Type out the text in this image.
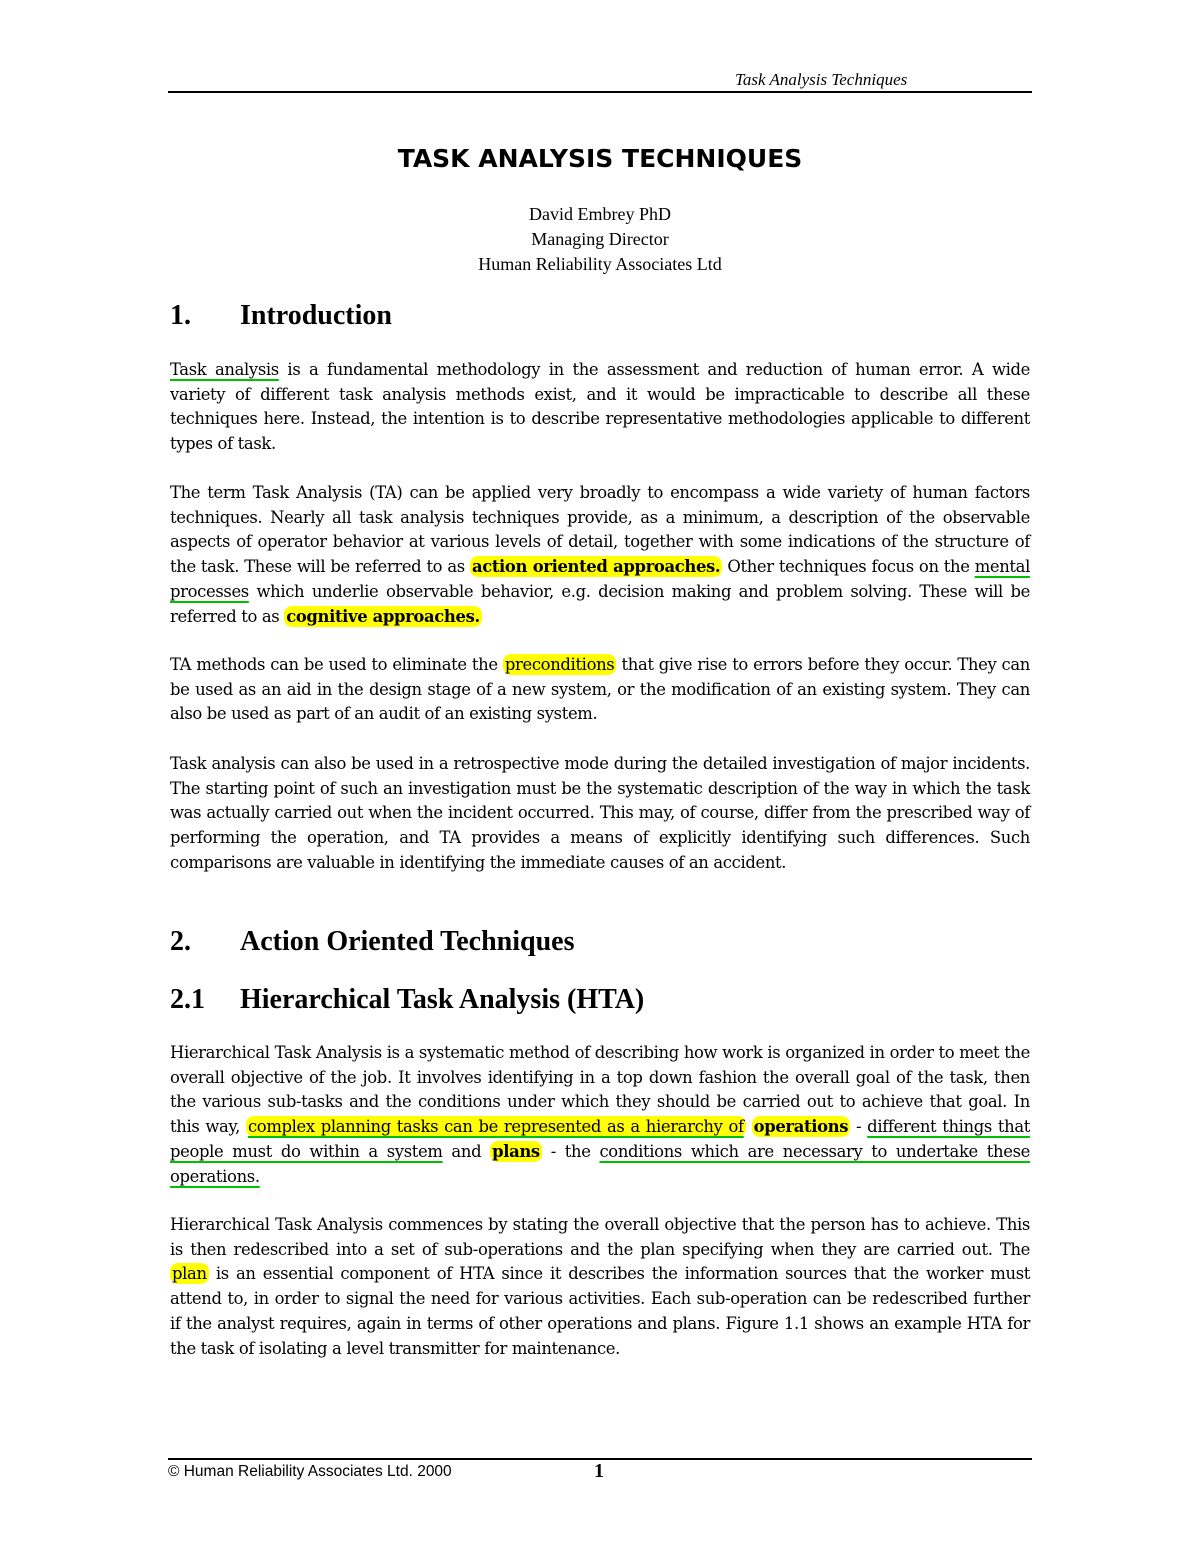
Task Analysis Techniques
TASK ANALYSIS TECHNIQUES
David Embrey PhD
Managing Director
Human Reliability Associates Ltd
1. Introduction

Task analysis is a fundamental methodology in the assessment and reduction of human error. A wide variety of different task analysis methods exist, and it would be impracticable to describe all these techniques here. Instead, the intention is to describe representative methodologies applicable to different types of task.

The term Task Analysis (TA) can be applied very broadly to encompass a wide variety of human factors techniques. Nearly all task analysis techniques provide, as a minimum, a description of the observable aspects of operator behavior at various levels of detail, together with some indications of the structure of the task. These will be referred to as action oriented approaches. Other techniques focus on the mental processes which underlie observable behavior, e.g. decision making and problem solving. These will be referred to as cognitive approaches.

TA methods can be used to eliminate the preconditions that give rise to errors before they occur. They can be used as an aid in the design stage of a new system, or the modification of an existing system. They can also be used as part of an audit of an existing system.

Task analysis can also be used in a retrospective mode during the detailed investigation of major incidents. The starting point of such an investigation must be the systematic description of the way in which the task was actually carried out when the incident occurred. This may, of course, differ from the prescribed way of performing the operation, and TA provides a means of explicitly identifying such differences. Such comparisons are valuable in identifying the immediate causes of an accident.

2. Action Oriented Techniques
2.1 Hierarchical Task Analysis (HTA)

Hierarchical Task Analysis is a systematic method of describing how work is organized in order to meet the overall objective of the job. It involves identifying in a top down fashion the overall goal of the task, then the various sub-tasks and the conditions under which they should be carried out to achieve that goal. In this way, complex planning tasks can be represented as a hierarchy of operations - different things that people must do within a system and plans - the conditions which are necessary to undertake these operations.

Hierarchical Task Analysis commences by stating the overall objective that the person has to achieve. This is then redescribed into a set of sub-operations and the plan specifying when they are carried out. The plan is an essential component of HTA since it describes the information sources that the worker must attend to, in order to signal the need for various activities. Each sub-operation can be redescribed further if the analyst requires, again in terms of other operations and plans. Figure 1.1 shows an example HTA for the task of isolating a level transmitter for maintenance.

© Human Reliability Associates Ltd. 2000	1
